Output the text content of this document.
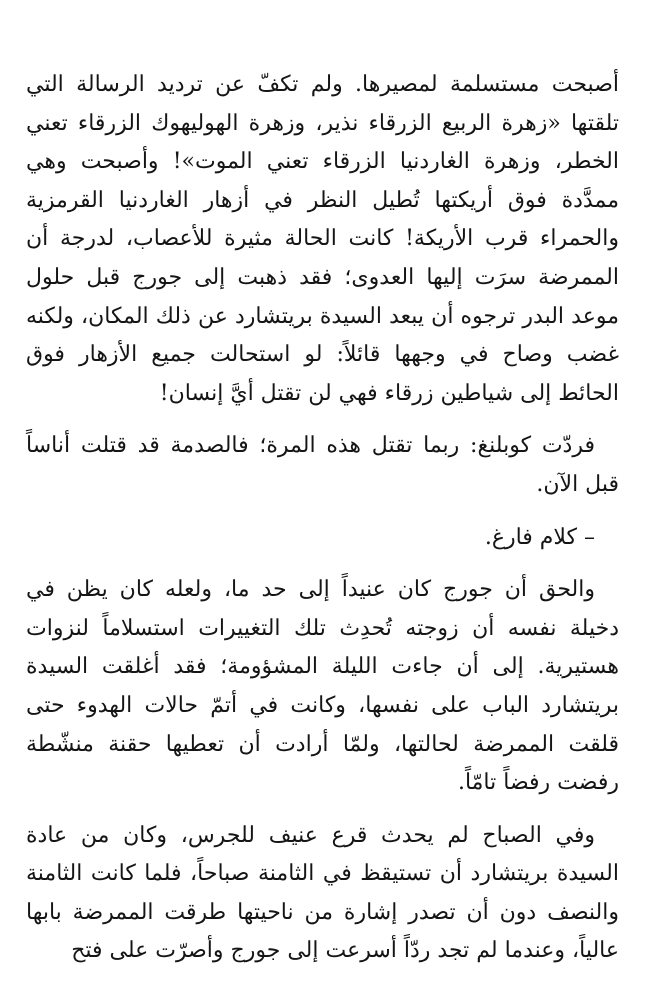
أصبحت مستسلمة لمصيرها. ولم تكفّ عن ترديد الرسالة التي تلقتها «زهرة الربيع الزرقاء نذير، وزهرة الهوليهوك الزرقاء تعني الخطر، وزهرة الغاردنيا الزرقاء تعني الموت»! وأصبحت وهي ممدَّدة فوق أريكتها تُطيل النظر في أزهار الغاردنيا القرمزية والحمراء قرب الأريكة! كانت الحالة مثيرة للأعصاب، لدرجة أن الممرضة سرَت إليها العدوى؛ فقد ذهبت إلى جورج قبل حلول موعد البدر ترجوه أن يبعد السيدة بريتشارد عن ذلك المكان، ولكنه غضب وصاح في وجهها قائلاً: لو استحالت جميع الأزهار فوق الحائط إلى شياطين زرقاء فهي لن تقتل أيَّ إنسان!

فردّت كوبلنغ: ربما تقتل هذه المرة؛ فالصدمة قد قتلت أناساً قبل الآن.

– كلام فارغ.

والحق أن جورج كان عنيداً إلى حد ما، ولعله كان يظن في دخيلة نفسه أن زوجته تُحدِث تلك التغييرات استسلاماً لنزوات هستيرية. إلى أن جاءت الليلة المشؤومة؛ فقد أغلقت السيدة بريتشارد الباب على نفسها، وكانت في أتمّ حالات الهدوء حتى قلقت الممرضة لحالتها، ولمّا أرادت أن تعطيها حقنة منشّطة رفضت رفضاً تامّاً.

وفي الصباح لم يحدث قرع عنيف للجرس، وكان من عادة السيدة بريتشارد أن تستيقظ في الثامنة صباحاً، فلما كانت الثامنة والنصف دون أن تصدر إشارة من ناحيتها طرقت الممرضة بابها عالياً، وعندما لم تجد ردّاً أسرعت إلى جورج وأصرّت على فتح
